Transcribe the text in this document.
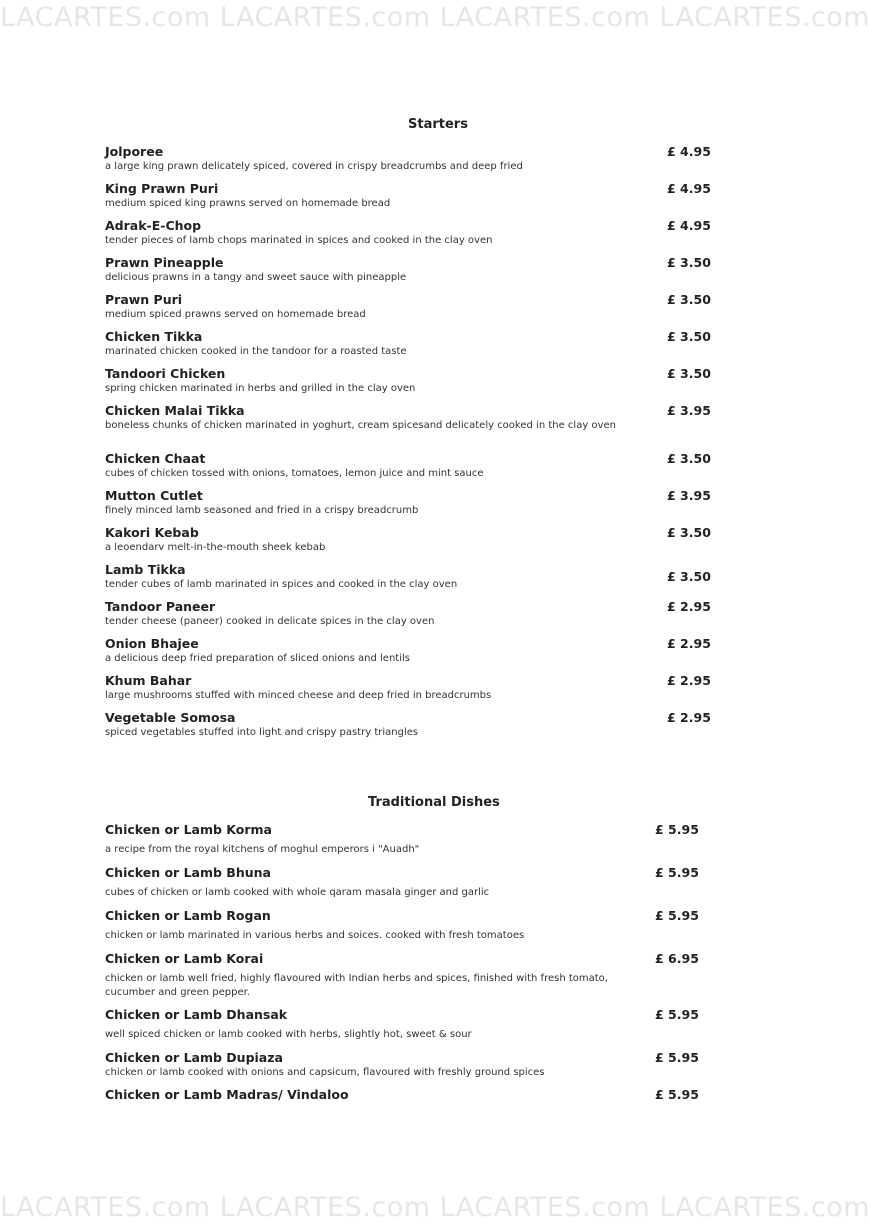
LACARTES.com LACARTES.com LACARTES.com LACARTES.com
Starters
Jolporee
a large king prawn delicately spiced, covered in crispy breadcrumbs and deep fried
£ 4.95
King Prawn Puri
medium spiced king prawns served on homemade bread
£ 4.95
Adrak-E-Chop
tender pieces of lamb chops marinated in spices and cooked in the clay oven
£ 4.95
Prawn Pineapple
delicious prawns in a tangy and sweet sauce with pineapple
£ 3.50
Prawn Puri
medium spiced prawns served on homemade bread
£ 3.50
Chicken Tikka
marinated chicken cooked in the tandoor for a roasted taste
£ 3.50
Tandoori Chicken
spring chicken marinated in herbs and grilled in the clay oven
£ 3.50
Chicken Malai Tikka
boneless chunks of chicken marinated in yoghurt, cream spicesand delicately cooked in the clay oven
£ 3.95
Chicken Chaat
cubes of chicken tossed with onions, tomatoes, lemon juice and mint sauce
£ 3.50
Mutton Cutlet
finely minced lamb seasoned and fried in a crispy breadcrumb
£ 3.95
Kakori Kebab
a leoendarv melt-in-the-mouth sheek kebab
£ 3.50
Lamb Tikka
tender cubes of lamb marinated in spices and cooked in the clay oven
£ 3.50
Tandoor Paneer
tender cheese (paneer) cooked in delicate spices in the clay oven
£ 2.95
Onion Bhajee
a delicious deep fried preparation of sliced onions and lentils
£ 2.95
Khum Bahar
large mushrooms stuffed with minced cheese and deep fried in breadcrumbs
£ 2.95
Vegetable Somosa
spiced vegetables stuffed into light and crispy pastry triangles
£ 2.95
Traditional Dishes
Chicken or Lamb Korma
a recipe from the royal kitchens of moghul emperors i "Auadh"
£ 5.95
Chicken or Lamb Bhuna
cubes of chicken or lamb cooked with whole qaram masala ginger and garlic
£ 5.95
Chicken or Lamb Rogan
chicken or lamb marinated in various herbs and soices. cooked with fresh tomatoes
£ 5.95
Chicken or Lamb Korai
chicken or lamb well fried, highly flavoured with Indian herbs and spices, finished with fresh tomato, cucumber and green pepper.
£ 6.95
Chicken or Lamb Dhansak
well spiced chicken or lamb cooked with herbs, slightly hot, sweet & sour
£ 5.95
Chicken or Lamb Dupiaza
chicken or lamb cooked with onions and capsicum, flavoured with freshly ground spices
£ 5.95
Chicken or Lamb Madras/ Vindaloo	£ 5.95
LACARTES.com LACARTES.com LACARTES.com LACARTES.com
